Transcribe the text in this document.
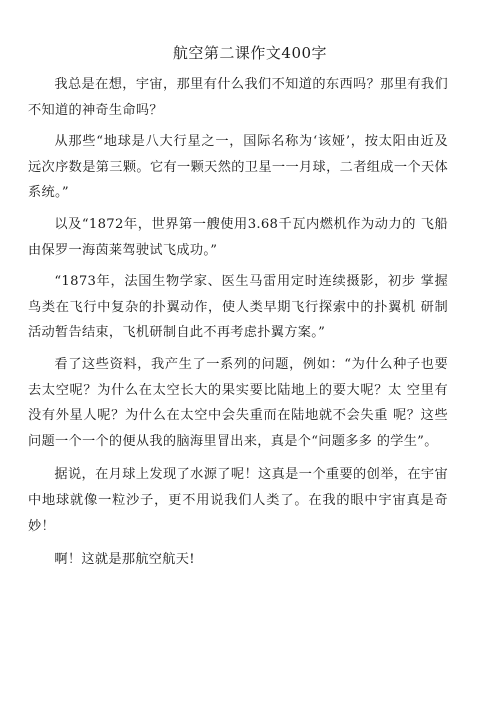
航空第二课作文400字

我总是在想，宇宙，那里有什么我们不知道的东西吗？那里有我们不知道的神奇生命吗？

从那些“地球是八大行星之一，国际名称为‘该娅’，按太阳由近及远次序数是第三颗。它有一颗天然的卫星一一月球，二者组成一个天体系统。”

以及“1872年，世界第一艘使用3.68千瓦内燃机作为动力的 飞船由保罗一海茵莱驾驶试飞成功。”

“1873年，法国生物学家、医生马雷用定时连续摄影，初步 掌握鸟类在飞行中复杂的扑翼动作，使人类早期飞行探索中的扑翼机 研制活动暂告结束，飞机研制自此不再考虑扑翼方案。”

看了这些资料，我产生了一系列的问题，例如：“为什么种子也要去太空呢？为什么在太空长大的果实要比陆地上的要大呢？太 空里有没有外星人呢？为什么在太空中会失重而在陆地就不会失重 呢？这些问题一个一个的便从我的脑海里冒出来，真是个“问题多多 的学生”。

据说，在月球上发现了水源了呢！这真是一个重要的创举，在宇宙中地球就像一粒沙子，更不用说我们人类了。在我的眼中宇宙真是奇妙！

啊！这就是那航空航天!
